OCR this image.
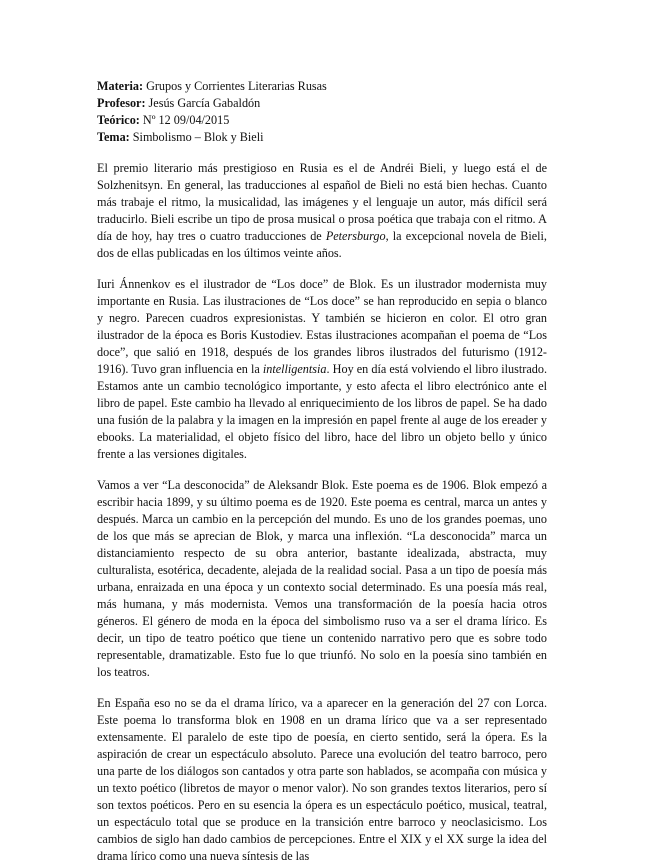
Materia: Grupos y Corrientes Literarias Rusas

Profesor: Jesús García Gabaldón

Teórico: Nº 12 09/04/2015

Tema: Simbolismo – Blok y Bieli

El premio literario más prestigioso en Rusia es el de Andréi Bieli, y luego está el de Solzhenitsyn. En general, las traducciones al español de Bieli no está bien hechas. Cuanto más trabaje el ritmo, la musicalidad, las imágenes y el lenguaje un autor, más difícil será traducirlo. Bieli escribe un tipo de prosa musical o prosa poética que trabaja con el ritmo. A día de hoy, hay tres o cuatro traducciones de Petersburgo, la excepcional novela de Bieli, dos de ellas publicadas en los últimos veinte años.

Iuri Ánnenkov es el ilustrador de “Los doce” de Blok. Es un ilustrador modernista muy importante en Rusia. Las ilustraciones de “Los doce” se han reproducido en sepia o blanco y negro. Parecen cuadros expresionistas. Y también se hicieron en color. El otro gran ilustrador de la época es Boris Kustodiev. Estas ilustraciones acompañan el poema de “Los doce”, que salió en 1918, después de los grandes libros ilustrados del futurismo (1912-1916). Tuvo gran influencia en la intelligentsia. Hoy en día está volviendo el libro ilustrado. Estamos ante un cambio tecnológico importante, y esto afecta el libro electrónico ante el libro de papel. Este cambio ha llevado al enriquecimiento de los libros de papel. Se ha dado una fusión de la palabra y la imagen en la impresión en papel frente al auge de los ereader y ebooks. La materialidad, el objeto físico del libro, hace del libro un objeto bello y único frente a las versiones digitales.

Vamos a ver “La desconocida” de Aleksandr Blok. Este poema es de 1906. Blok empezó a escribir hacia 1899, y su último poema es de 1920. Este poema es central, marca un antes y después. Marca un cambio en la percepción del mundo. Es uno de los grandes poemas, uno de los que más se aprecian de Blok, y marca una inflexión. “La desconocida” marca un distanciamiento respecto de su obra anterior, bastante idealizada, abstracta, muy culturalista, esotérica, decadente, alejada de la realidad social. Pasa a un tipo de poesía más urbana, enraizada en una época y un contexto social determinado. Es una poesía más real, más humana, y más modernista. Vemos una transformación de la poesía hacia otros géneros. El género de moda en la época del simbolismo ruso va a ser el drama lírico. Es decir, un tipo de teatro poético que tiene un contenido narrativo pero que es sobre todo representable, dramatizable. Esto fue lo que triunfó. No solo en la poesía sino también en los teatros.

En España eso no se da el drama lírico, va a aparecer en la generación del 27 con Lorca. Este poema lo transforma blok en 1908 en un drama lírico que va a ser representado extensamente. El paralelo de este tipo de poesía, en cierto sentido, será la ópera. Es la aspiración de crear un espectáculo absoluto. Parece una evolución del teatro barroco, pero una parte de los diálogos son cantados y otra parte son hablados, se acompaña con música y un texto poético (libretos de mayor o menor valor). No son grandes textos literarios, pero sí son textos poéticos. Pero en su esencia la ópera es un espectáculo poético, musical, teatral, un espectáculo total que se produce en la transición entre barroco y neoclasicismo. Los cambios de siglo han dado cambios de percepciones. Entre el XIX y el XX surge la idea del drama lírico como una nueva síntesis de las
